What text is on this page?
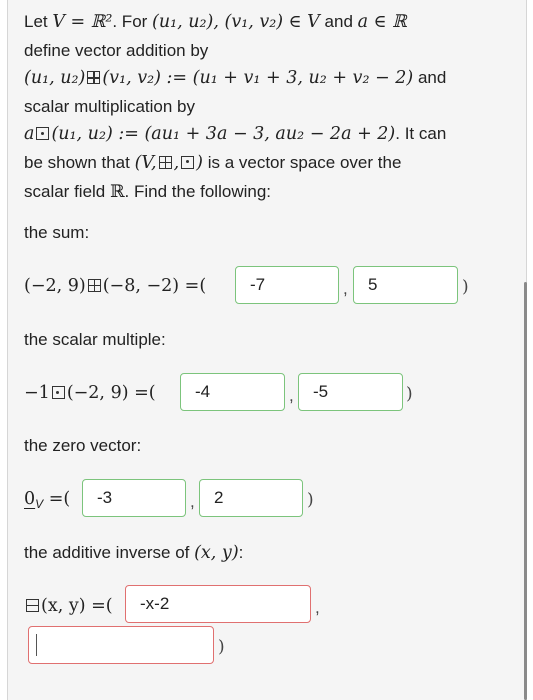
Let V = ℝ². For (u₁, u₂), (v₁, v₂) ∈ V and a ∈ ℝ
define vector addition by
(u₁, u₂) (v₁, v₂) := (u₁ + v₁ + 3, u₂ + v₂ − 2) and
scalar multiplication by
a (u₁, u₂) := (au₁ + 3a − 3, au₂ − 2a + 2). It can
be shown that (V, , ) is a vector space over the
scalar field ℝ. Find the following:
the sum:
(−2, 9) (−8, −2) =(	-7	,	5	)
the scalar multiple:
−1 (−2, 9) =(	-4	,	-5	)
the zero vector:
$0_V$ =(	-3	,	2	)
the additive inverse of (x, y):
(x, y) =(	-x-2	,
)
